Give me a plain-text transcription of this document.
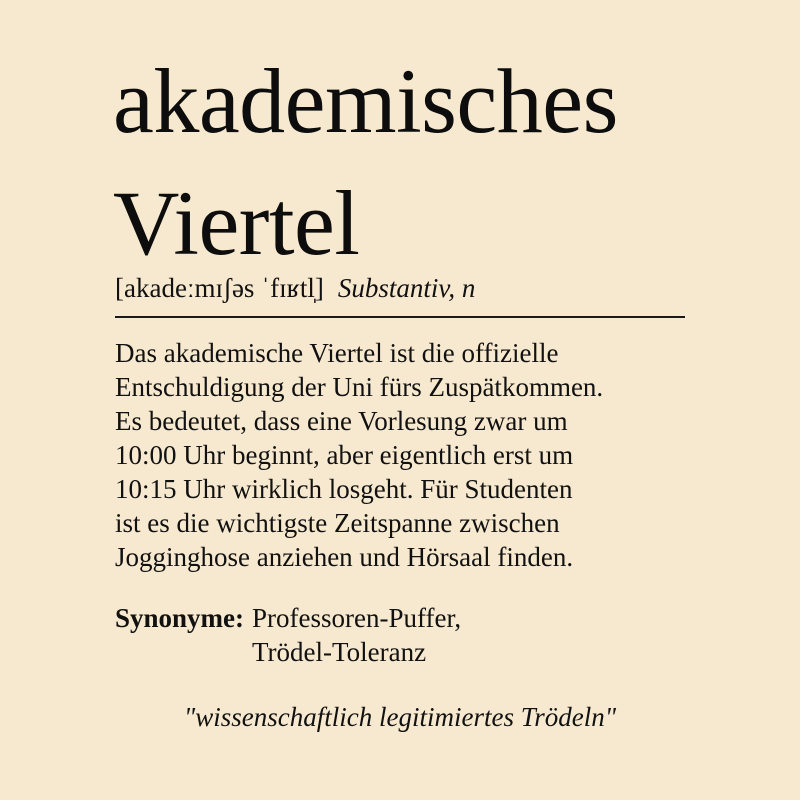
akademisches
Viertel
[akadeːmɪʃəs ˈfɪʁtl̩] Substantiv, n

Das akademische Viertel ist die offizielle
Entschuldigung der Uni fürs Zuspätkommen.
Es bedeutet, dass eine Vorlesung zwar um
10:00 Uhr beginnt, aber eigentlich erst um
10:15 Uhr wirklich losgeht. Für Studenten
ist es die wichtigste Zeitspanne zwischen
Jogginghose anziehen und Hörsaal finden.

Synonyme: Professoren-Puffer,
Trödel-Toleranz

"wissenschaftlich legitimiertes Trödeln"
